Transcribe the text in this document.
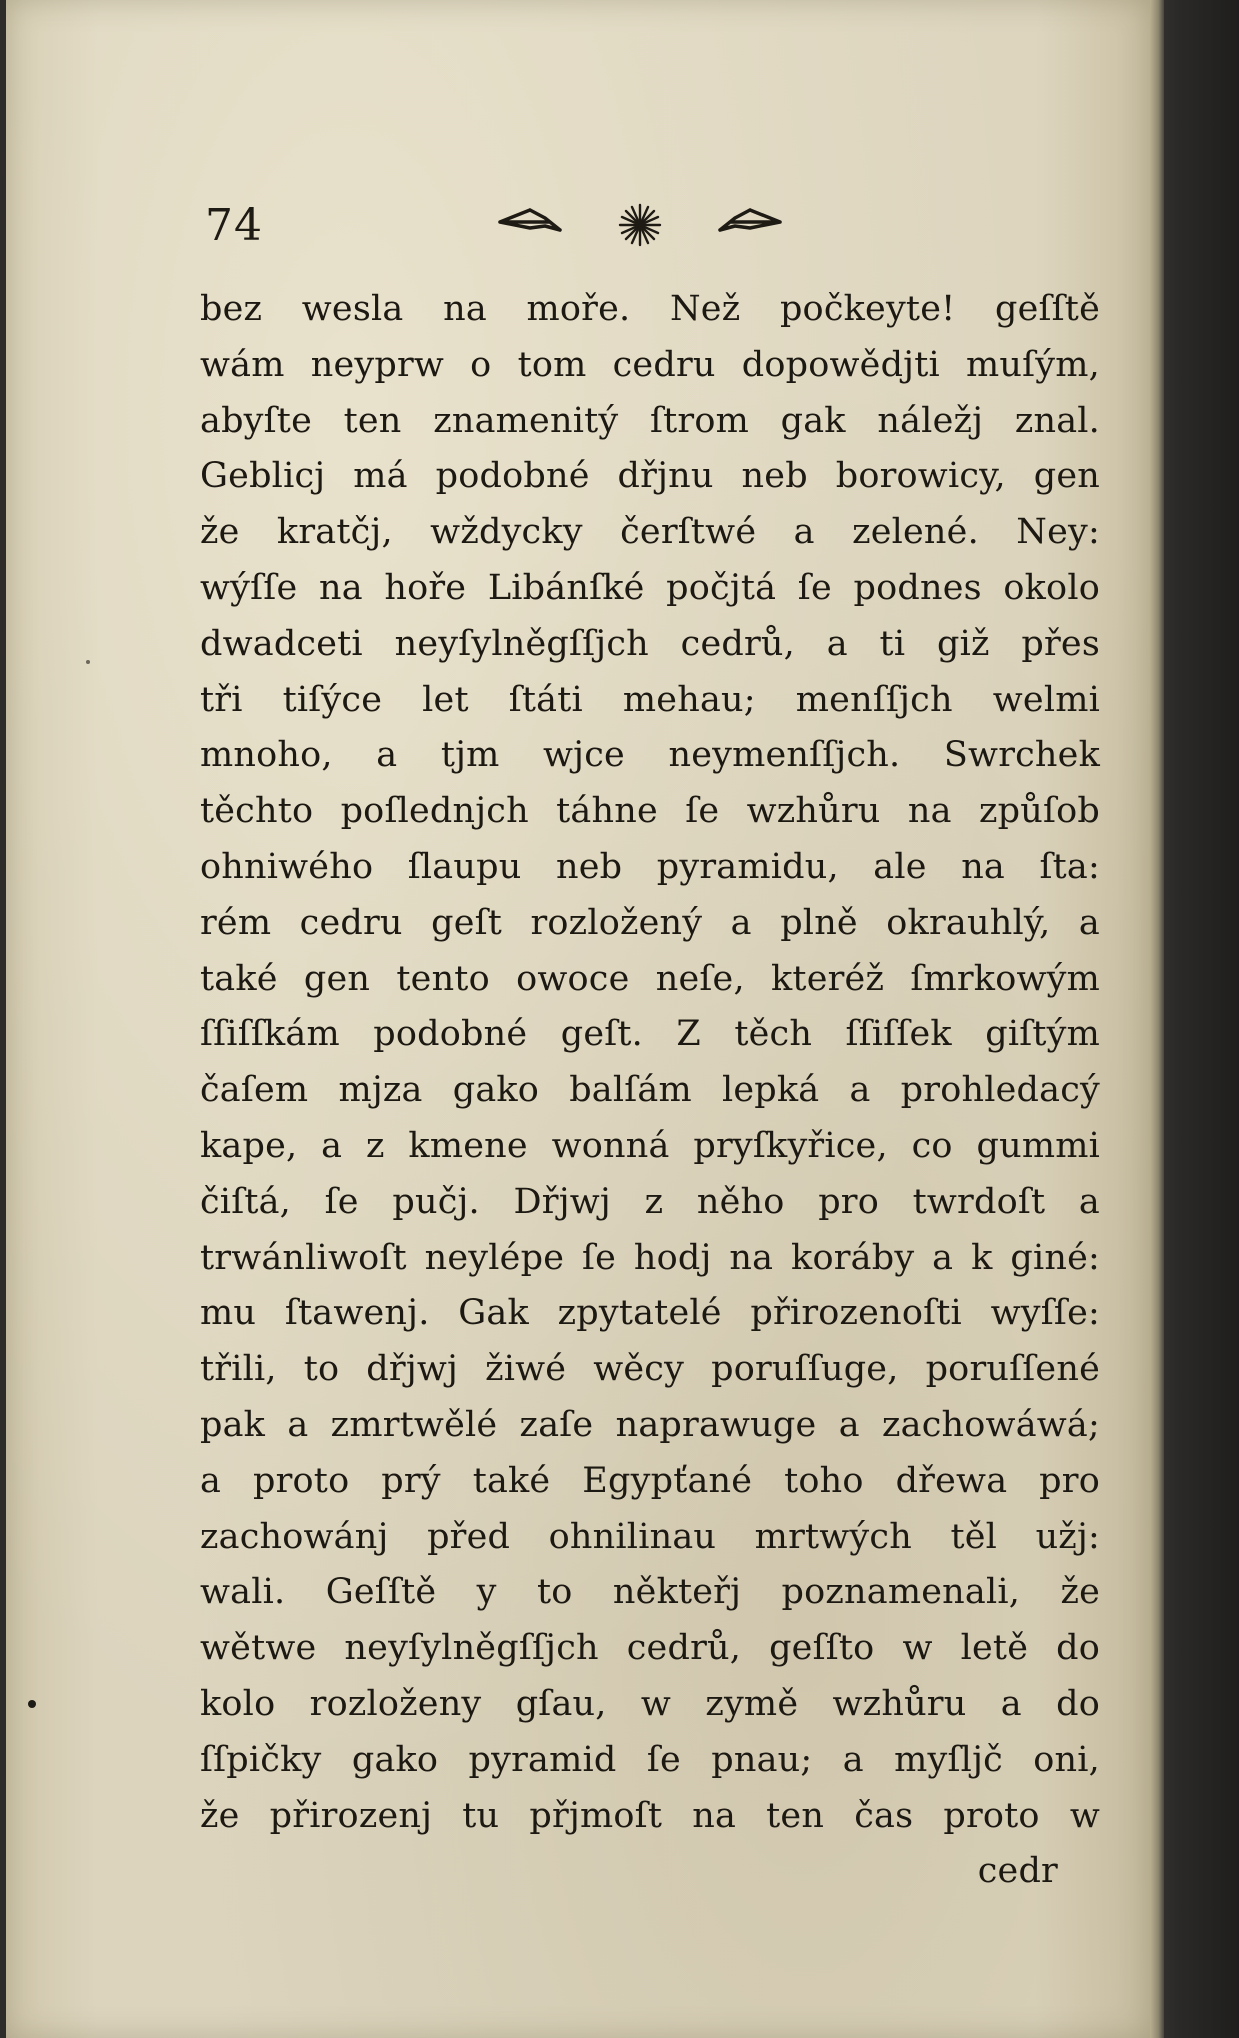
74
bez wesla na moře. Než počkeyte! geſſtě
wám neyprw o tom cedru dopowědjti muſým,
abyſte ten znamenitý ſtrom gak náležj znal.
Geblicj má podobné dřjnu neb borowicy, gen
že kratčj, wždycky čerſtwé a zelené. Ney:
wýſſe na hoře Libánſké počjtá ſe podnes okolo
dwadceti neyſylněgſſjch cedrů, a ti giž přes
tři tiſýce let ſtáti mehau; menſſjch welmi
mnoho, a tjm wjce neymenſſjch. Swrchek
těchto poſlednjch táhne ſe wzhůru na způſob
ohniwého ſlaupu neb pyramidu, ale na ſta:
rém cedru geſt rozložený a plně okrauhlý, a
také gen tento owoce neſe, kteréž ſmrkowým
ſſiſſkám podobné geſt. Z těch ſſiſſek giſtým
čaſem mjza gako balſám lepká a prohledacý
kape, a z kmene wonná pryſkyřice, co gummi
čiſtá, ſe pučj. Dřjwj z něho pro twrdoſt a
trwánliwoſt neylépe ſe hodj na koráby a k giné:
mu ſtawenj. Gak zpytatelé přirozenoſti wyſſe:
třili, to dřjwj žiwé wěcy poruſſuge, poruſſené
pak a zmrtwělé zaſe naprawuge a zachowáwá;
a proto prý také Egypťané toho dřewa pro
zachowánj před ohnilinau mrtwých těl užj:
wali. Geſſtě y to někteřj poznamenali, že
wětwe neyſylněgſſjch cedrů, geſſto w letě do
kolo rozloženy gſau, w zymě wzhůru a do
ſſpičky gako pyramid ſe pnau; a myſljč oni,
že přirozenj tu přjmoſt na ten čas proto w
cedr
